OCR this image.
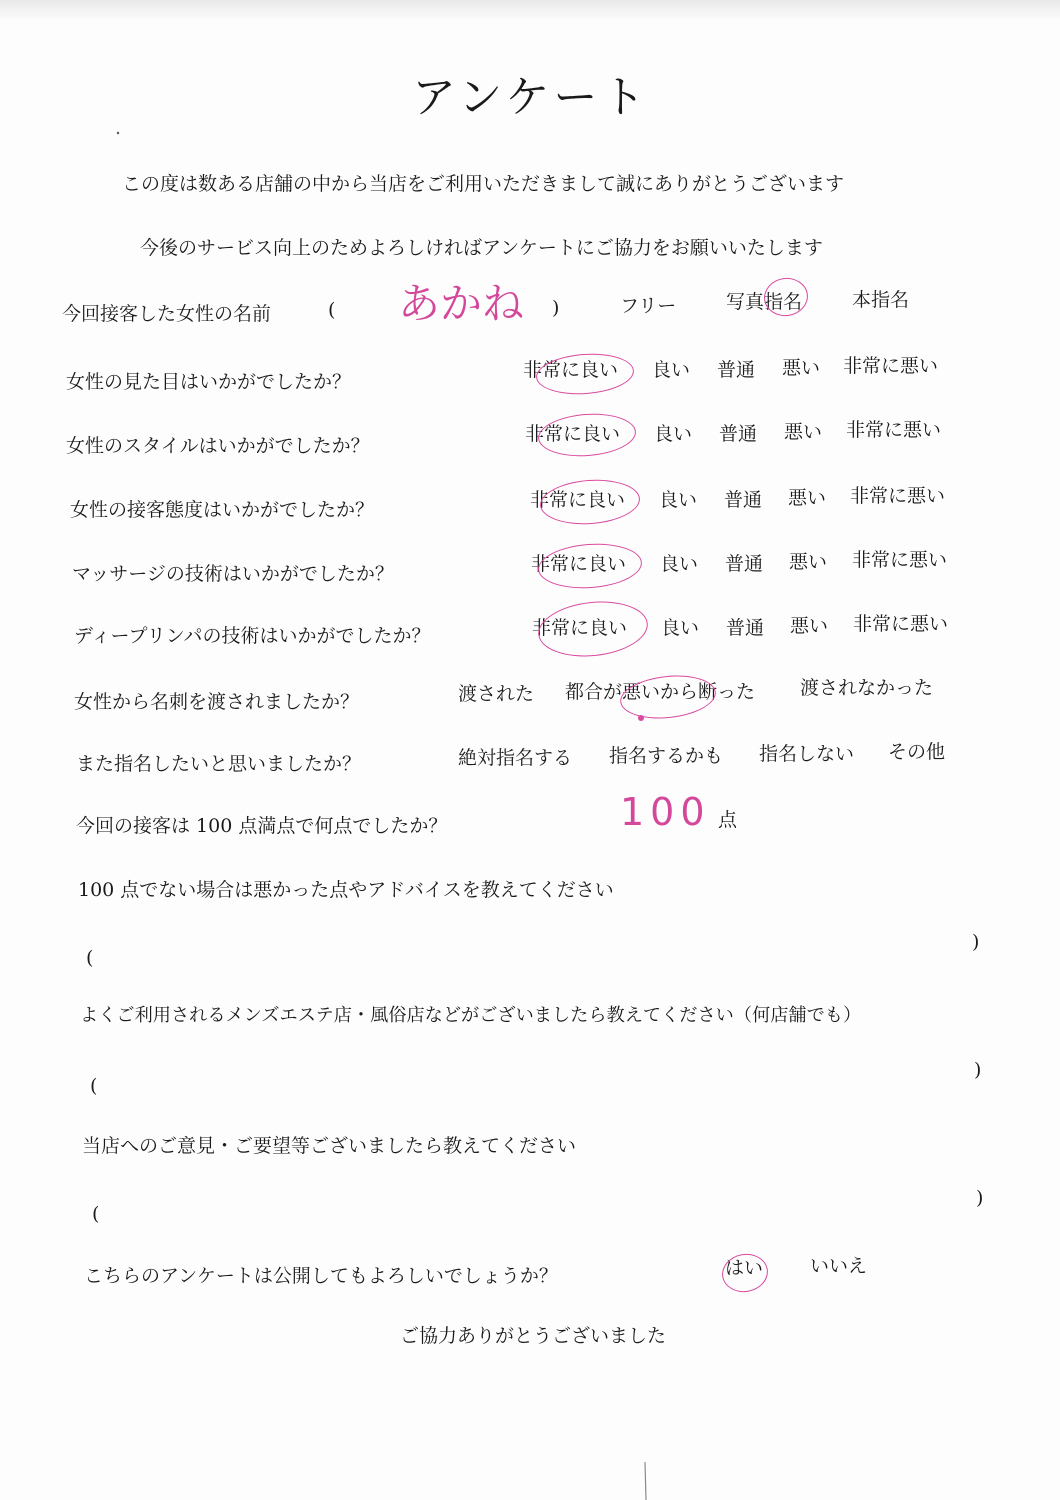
アンケート
この度は数ある店舗の中から当店をご利用いただきまして誠にありがとうございます
今後のサービス向上のためよろしければアンケートにご協力をお願いいたします
今回接客した女性の名前	( あかね )	フリー	写真指名	本指名
女性の見た目はいかがでしたか？
非常に良い 良い 普通 悪い 非常に悪い
女性のスタイルはいかがでしたか？
非常に良い 良い 普通 悪い 非常に悪い
女性の接客態度はいかがでしたか？	非常に良い 良い 普通 悪い 非常に悪い
マッサージの技術はいかがでしたか？	非常に良い 良い 普通 悪い 非常に悪い
ディープリンパの技術はいかがでしたか？	非常に良い 良い 普通 悪い 非常に悪い
女性から名刺を渡されましたか？	渡された 都合が悪いから断った 渡されなかった
また指名したいと思いましたか？	絶対指名する 指名するかも 指名しない その他
今回の接客は 100 点満点で何点でしたか？	100 点
100 点でない場合は悪かった点やアドバイスを教えてください
(
)
よくご利用されるメンズエステ店・風俗店などがございましたら教えてください（何店舗でも）
(
)
当店へのご意見・ご要望等ございましたら教えてください
(
)
こちらのアンケートは公開してもよろしいでしょうか？	はい いいえ
ご協力ありがとうございました
